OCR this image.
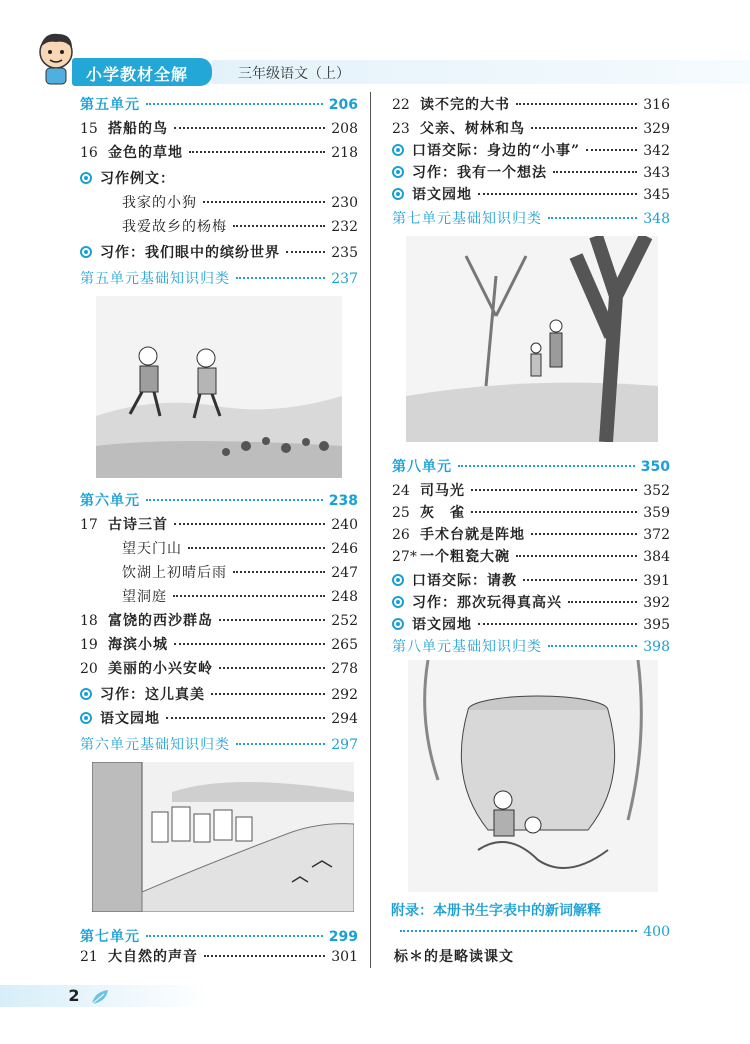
小学教材全解	三年级语文（上）
第五单元	206
15 搭船的鸟	208
16 金色的草地	218
习作例文：
我家的小狗	230
我爱故乡的杨梅	232
习作：我们眼中的缤纷世界	235
第五单元基础知识归类	237
第六单元	238
17 古诗三首	240
望天门山	246
饮湖上初晴后雨	247
望洞庭	248
18 富饶的西沙群岛	252
19 海滨小城	265
20 美丽的小兴安岭	278
习作：这儿真美	292
语文园地	294
第六单元基础知识归类	297
第七单元	299
21 大自然的声音	301
22 读不完的大书	316
23 父亲、树林和鸟	329
口语交际：身边的“小事”	342
习作：我有一个想法	343
语文园地	345
第七单元基础知识归类	348
第八单元	350
24 司马光	352
25 灰　雀	359
26 手术台就是阵地	372
27* 一个粗瓷大碗	384
口语交际：请教	391
习作：那次玩得真高兴	392
语文园地	395
第八单元基础知识归类	398
附录：本册书生字表中的新词解释
400
标＊的是略读课文
2
